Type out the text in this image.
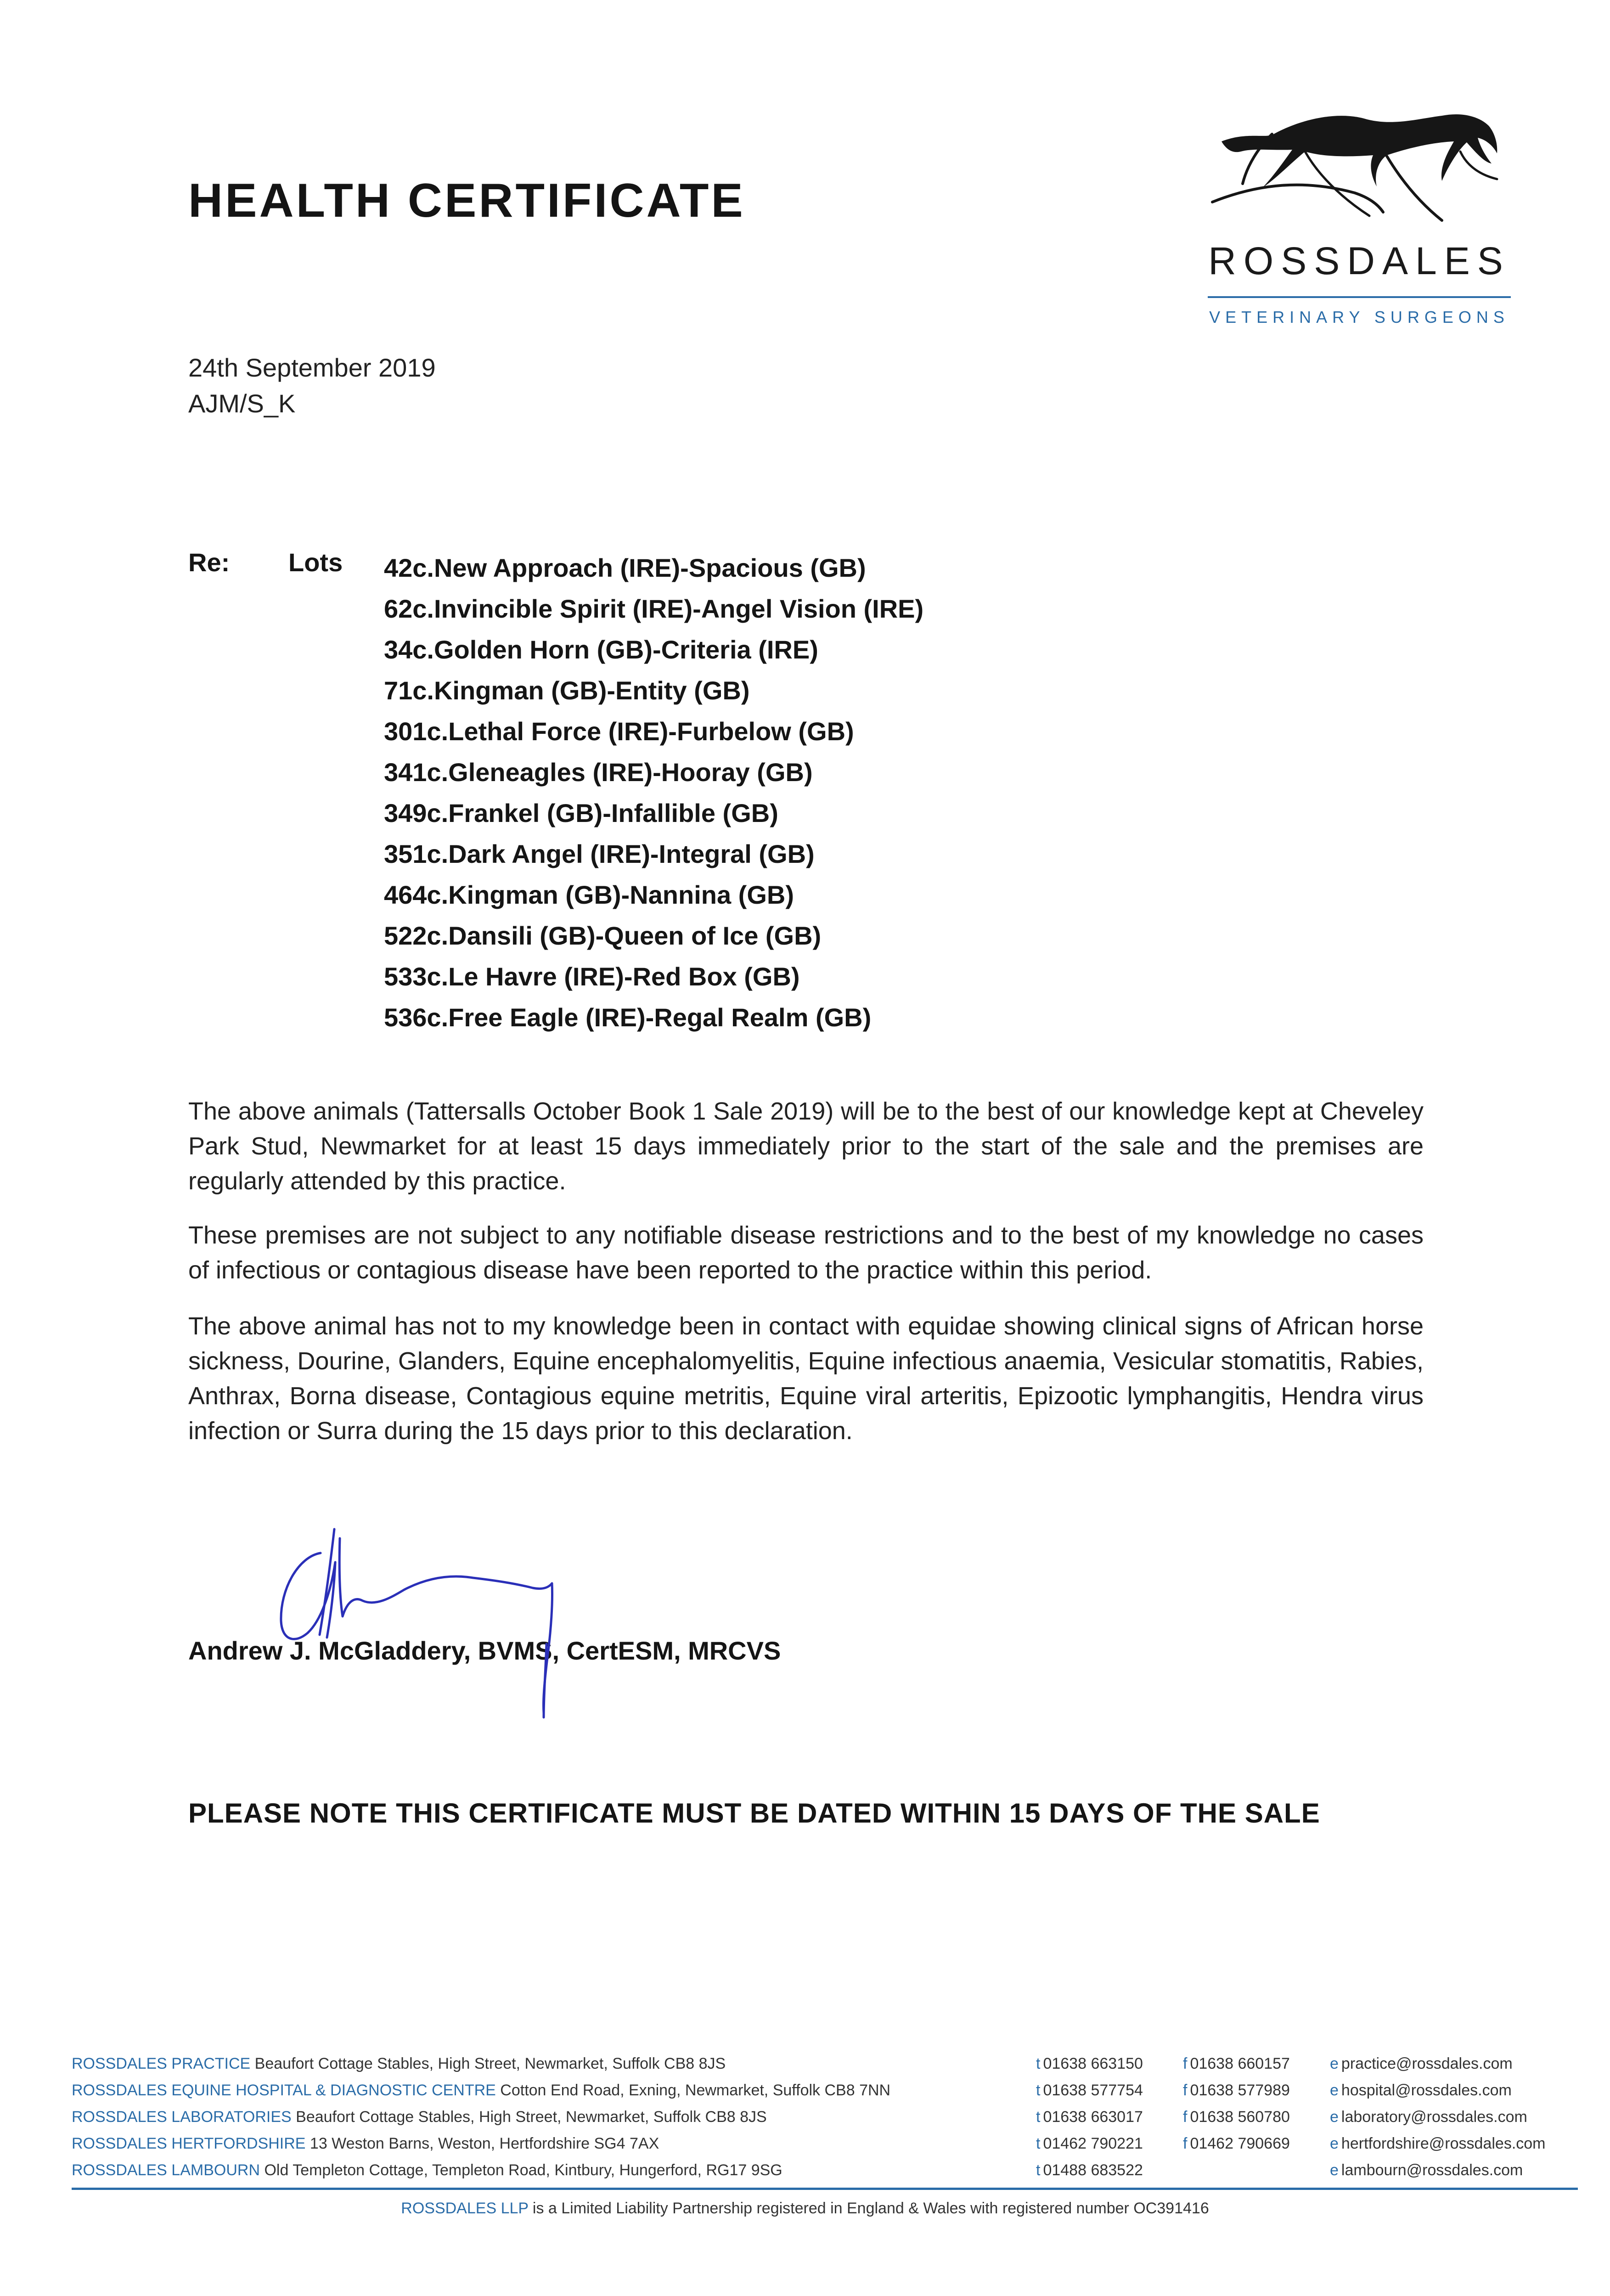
HEALTH CERTIFICATE
ROSSDALES
VETERINARY SURGEONS
24th September 2019
AJM/S_K
Re: Lots 42c.New Approach (IRE)-Spacious (GB)
62c.Invincible Spirit (IRE)-Angel Vision (IRE)
34c.Golden Horn (GB)-Criteria (IRE)
71c.Kingman (GB)-Entity (GB)
301c.Lethal Force (IRE)-Furbelow (GB)
341c.Gleneagles (IRE)-Hooray (GB)
349c.Frankel (GB)-Infallible (GB)
351c.Dark Angel (IRE)-Integral (GB)
464c.Kingman (GB)-Nannina (GB)
522c.Dansili (GB)-Queen of Ice (GB)
533c.Le Havre (IRE)-Red Box (GB)
536c.Free Eagle (IRE)-Regal Realm (GB)

The above animals (Tattersalls October Book 1 Sale 2019) will be to the best of our knowledge kept at Cheveley Park Stud, Newmarket for at least 15 days immediately prior to the start of the sale and the premises are regularly attended by this practice.

These premises are not subject to any notifiable disease restrictions and to the best of my knowledge no cases of infectious or contagious disease have been reported to the practice within this period.

The above animal has not to my knowledge been in contact with equidae showing clinical signs of African horse sickness, Dourine, Glanders, Equine encephalomyelitis, Equine infectious anaemia, Vesicular stomatitis, Rabies, Anthrax, Borna disease, Contagious equine metritis, Equine viral arteritis, Epizootic lymphangitis, Hendra virus infection or Surra during the 15 days prior to this declaration.

Andrew J. McGladdery, BVMS, CertESM, MRCVS
PLEASE NOTE THIS CERTIFICATE MUST BE DATED WITHIN 15 DAYS OF THE SALE
ROSSDALES PRACTICE Beaufort Cottage Stables, High Street, Newmarket, Suffolk CB8 8JS	t 01638 663150	f 01638 660157	e practice@rossdales.com
ROSSDALES EQUINE HOSPITAL & DIAGNOSTIC CENTRE Cotton End Road, Exning, Newmarket, Suffolk CB8 7NN	t 01638 577754	f 01638 577989	e hospital@rossdales.com
ROSSDALES LABORATORIES Beaufort Cottage Stables, High Street, Newmarket, Suffolk CB8 8JS	t 01638 663017	f 01638 560780	e laboratory@rossdales.com
ROSSDALES HERTFORDSHIRE 13 Weston Barns, Weston, Hertfordshire SG4 7AX	t 01462 790221	f 01462 790669	e hertfordshire@rossdales.com
ROSSDALES LAMBOURN Old Templeton Cottage, Templeton Road, Kintbury, Hungerford, RG17 9SG	t 01488 683522	e lambourn@rossdales.com
ROSSDALES LLP is a Limited Liability Partnership registered in England & Wales with registered number OC391416
